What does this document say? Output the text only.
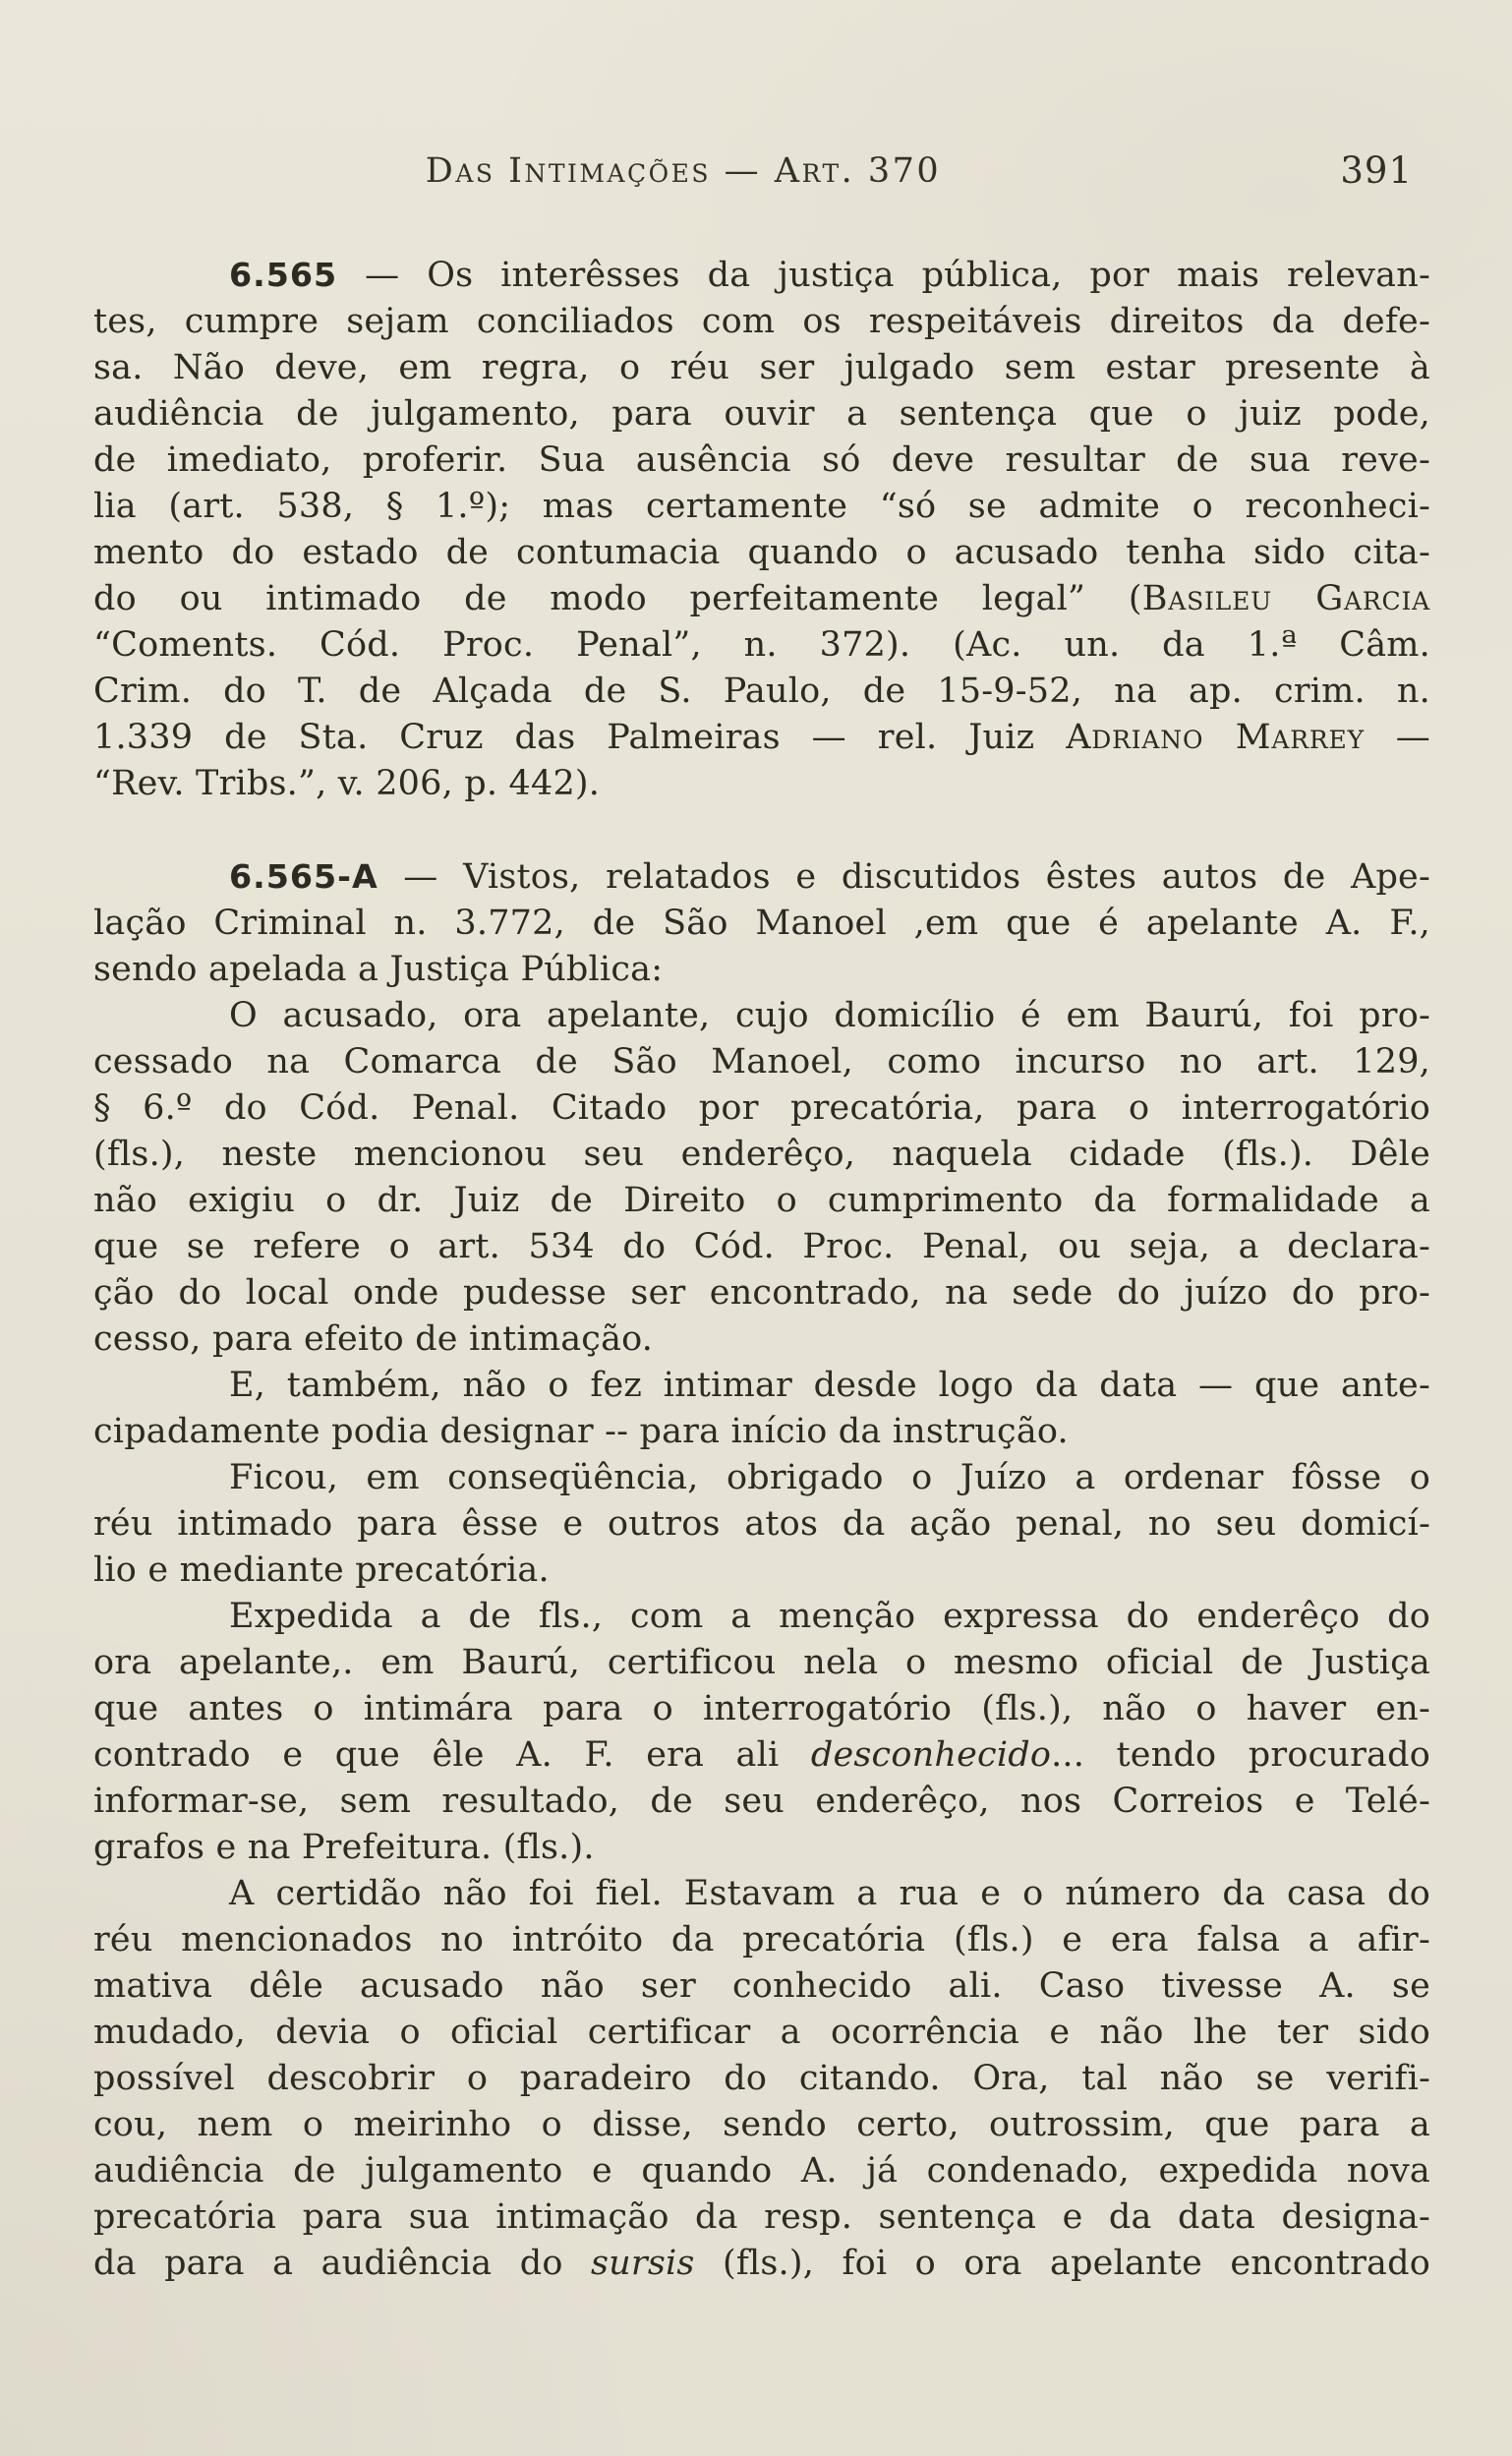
Das Intimações — Art. 370	391
6.565 — Os interêsses da justiça pública, por mais relevan-
tes, cumpre sejam conciliados com os respeitáveis direitos da defe-
sa. Não deve, em regra, o réu ser julgado sem estar presente à
audiência de julgamento, para ouvir a sentença que o juiz pode,
de imediato, proferir. Sua ausência só deve resultar de sua reve-
lia (art. 538, § 1.º); mas certamente “só se admite o reconheci-
mento do estado de contumacia quando o acusado tenha sido cita-
do ou intimado de modo perfeitamente legal” (Basileu Garcia
“Coments. Cód. Proc. Penal”, n. 372). (Ac. un. da 1.ª Câm.
Crim. do T. de Alçada de S. Paulo, de 15-9-52, na ap. crim. n.
1.339 de Sta. Cruz das Palmeiras — rel. Juiz Adriano Marrey —
“Rev. Tribs.”, v. 206, p. 442).
6.565-A — Vistos, relatados e discutidos êstes autos de Ape-
lação Criminal n. 3.772, de São Manoel ,em que é apelante A. F.,
sendo apelada a Justiça Pública:
O acusado, ora apelante, cujo domicílio é em Baurú, foi pro-
cessado na Comarca de São Manoel, como incurso no art. 129,
§ 6.º do Cód. Penal. Citado por precatória, para o interrogatório
(fls.), neste mencionou seu enderêço, naquela cidade (fls.). Dêle
não exigiu o dr. Juiz de Direito o cumprimento da formalidade a
que se refere o art. 534 do Cód. Proc. Penal, ou seja, a declara-
ção do local onde pudesse ser encontrado, na sede do juízo do pro-
cesso, para efeito de intimação.
E, também, não o fez intimar desde logo da data — que ante-
cipadamente podia designar -- para início da instrução.
Ficou, em conseqüência, obrigado o Juízo a ordenar fôsse o
réu intimado para êsse e outros atos da ação penal, no seu domicí-
lio e mediante precatória.
Expedida a de fls., com a menção expressa do enderêço do
ora apelante,. em Baurú, certificou nela o mesmo oficial de Justiça
que antes o intimára para o interrogatório (fls.), não o haver en-
contrado e que êle A. F. era ali desconhecido... tendo procurado
informar-se, sem resultado, de seu enderêço, nos Correios e Telé-
grafos e na Prefeitura. (fls.).
A certidão não foi fiel. Estavam a rua e o número da casa do
réu mencionados no intróito da precatória (fls.) e era falsa a afir-
mativa dêle acusado não ser conhecido ali. Caso tivesse A. se
mudado, devia o oficial certificar a ocorrência e não lhe ter sido
possível descobrir o paradeiro do citando. Ora, tal não se verifi-
cou, nem o meirinho o disse, sendo certo, outrossim, que para a
audiência de julgamento e quando A. já condenado, expedida nova
precatória para sua intimação da resp. sentença e da data designa-
da para a audiência do sursis (fls.), foi o ora apelante encontrado
